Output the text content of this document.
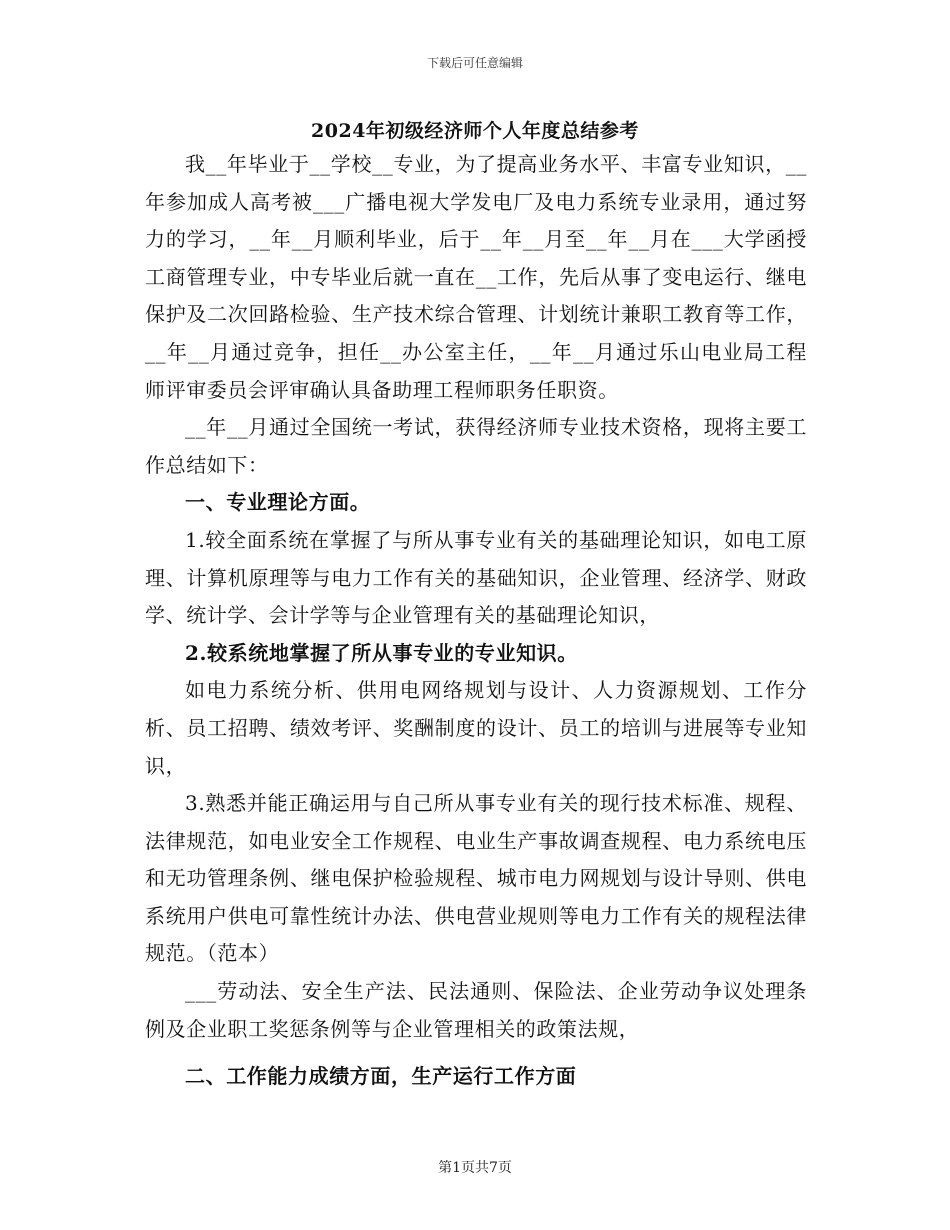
下载后可任意编辑
2024年初级经济师个人年度总结参考

我__年毕业于__学校__专业，为了提高业务水平、丰富专业知识，__年参加成人高考被___广播电视大学发电厂及电力系统专业录用，通过努力的学习，__年__月顺利毕业，后于__年__月至__年__月在___大学函授工商管理专业，中专毕业后就一直在__工作，先后从事了变电运行、继电保护及二次回路检验、生产技术综合管理、计划统计兼职工教育等工作，__年__月通过竞争，担任__办公室主任，__年__月通过乐山电业局工程师评审委员会评审确认具备助理工程师职务任职资。

__年__月通过全国统一考试，获得经济师专业技术资格，现将主要工作总结如下：

一、专业理论方面。

1.较全面系统在掌握了与所从事专业有关的基础理论知识，如电工原理、计算机原理等与电力工作有关的基础知识，企业管理、经济学、财政学、统计学、会计学等与企业管理有关的基础理论知识，

2.较系统地掌握了所从事专业的专业知识。

如电力系统分析、供用电网络规划与设计、人力资源规划、工作分析、员工招聘、绩效考评、奖酬制度的设计、员工的培训与进展等专业知识，

3.熟悉并能正确运用与自己所从事专业有关的现行技术标准、规程、法律规范，如电业安全工作规程、电业生产事故调查规程、电力系统电压和无功管理条例、继电保护检验规程、城市电力网规划与设计导则、供电系统用户供电可靠性统计办法、供电营业规则等电力工作有关的规程法律规范。（范本）

___劳动法、安全生产法、民法通则、保险法、企业劳动争议处理条例及企业职工奖惩条例等与企业管理相关的政策法规，

二、工作能力成绩方面，生产运行工作方面

第1页共7页
